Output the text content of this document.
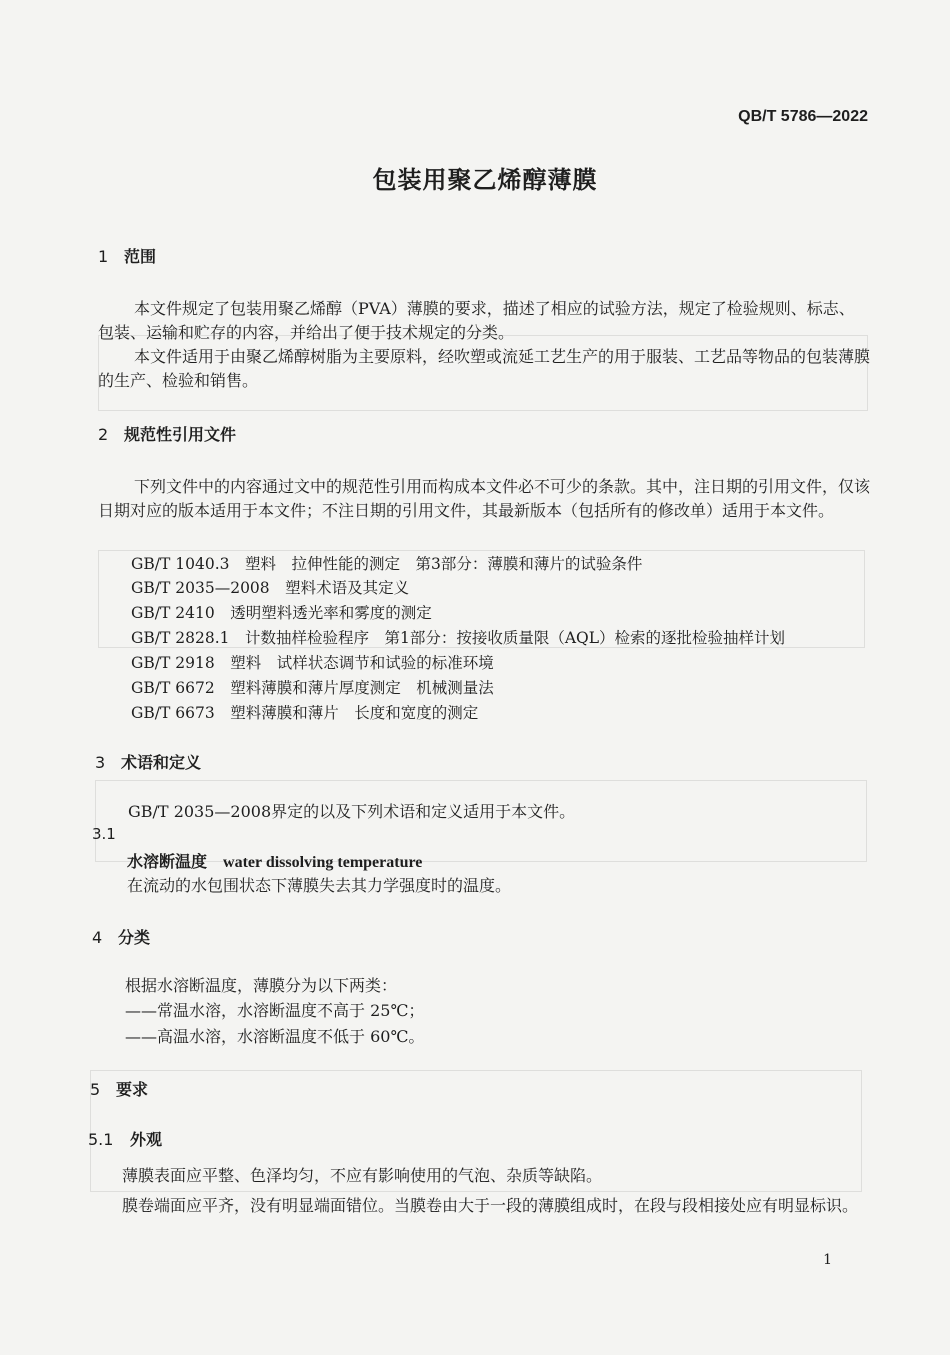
QB/T 5786—2022
包装用聚乙烯醇薄膜
1 范围
本文件规定了包装用聚乙烯醇（PVA）薄膜的要求，描述了相应的试验方法，规定了检验规则、标志、包装、运输和贮存的内容，并给出了便于技术规定的分类。
本文件适用于由聚乙烯醇树脂为主要原料，经吹塑或流延工艺生产的用于服装、工艺品等物品的包装薄膜的生产、检验和销售。
2 规范性引用文件
下列文件中的内容通过文中的规范性引用而构成本文件必不可少的条款。其中，注日期的引用文件，仅该日期对应的版本适用于本文件；不注日期的引用文件，其最新版本（包括所有的修改单）适用于本文件。
GB/T 1040.3　塑料　拉伸性能的测定　第3部分：薄膜和薄片的试验条件
GB/T 2035—2008　塑料术语及其定义
GB/T 2410　透明塑料透光率和雾度的测定
GB/T 2828.1　计数抽样检验程序　第1部分：按接收质量限（AQL）检索的逐批检验抽样计划
GB/T 2918　塑料　试样状态调节和试验的标准环境
GB/T 6672　塑料薄膜和薄片厚度测定　机械测量法
GB/T 6673　塑料薄膜和薄片　长度和宽度的测定
3 术语和定义
GB/T 2035—2008界定的以及下列术语和定义适用于本文件。
3.1
水溶断温度 water dissolving temperature
在流动的水包围状态下薄膜失去其力学强度时的温度。
4 分类
根据水溶断温度，薄膜分为以下两类：
——常温水溶，水溶断温度不高于 25℃；
——高温水溶，水溶断温度不低于 60℃。
5 要求
5.1 外观
薄膜表面应平整、色泽均匀，不应有影响使用的气泡、杂质等缺陷。
膜卷端面应平齐，没有明显端面错位。当膜卷由大于一段的薄膜组成时，在段与段相接处应有明显标识。
1
